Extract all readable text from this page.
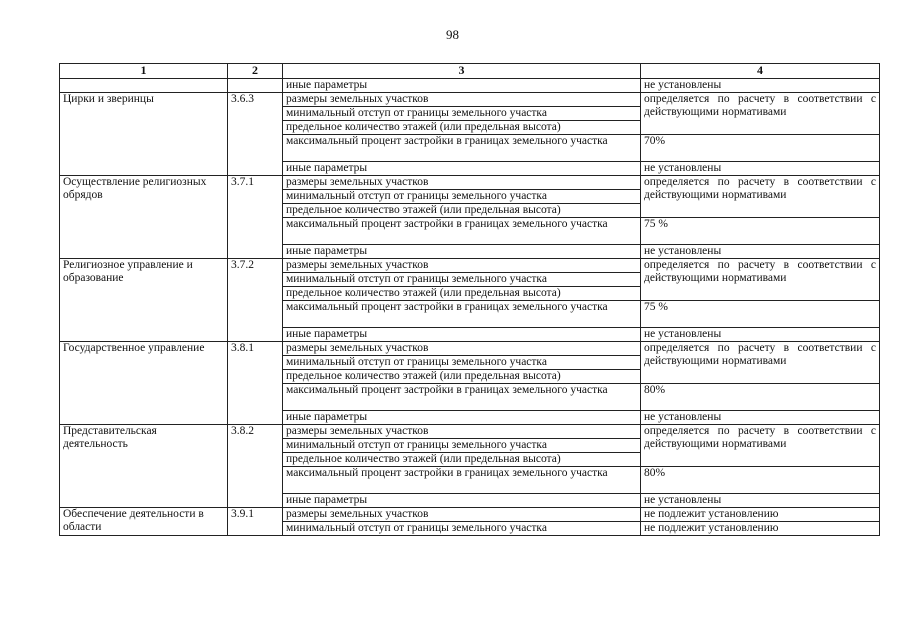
98
1	2	3	4
		иные параметры	не установлены
Цирки и зверинцы	3.6.3	размеры земельных участков	определяется по расчету в соответствии с действующими нормативами
		минимальный отступ от границы земельного участка	
		предельное количество этажей (или предельная высота)	
		максимальный процент застройки в границах земельного участка	70%
		иные параметры	не установлены
Осуществление религиозных обрядов	3.7.1	размеры земельных участков	определяется по расчету в соответствии с действующими нормативами
		минимальный отступ от границы земельного участка	
		предельное количество этажей (или предельная высота)	
		максимальный процент застройки в границах земельного участка	75 %
		иные параметры	не установлены
Религиозное управление и образование	3.7.2	размеры земельных участков	определяется по расчету в соответствии с действующими нормативами
		минимальный отступ от границы земельного участка	
		предельное количество этажей (или предельная высота)	
		максимальный процент застройки в границах земельного участка	75 %
		иные параметры	не установлены
Государственное управление	3.8.1	размеры земельных участков	определяется по расчету в соответствии с действующими нормативами
		минимальный отступ от границы земельного участка	
		предельное количество этажей (или предельная высота)	
		максимальный процент застройки в границах земельного участка	80%
		иные параметры	не установлены
Представительская деятельность	3.8.2	размеры земельных участков	определяется по расчету в соответствии с действующими нормативами
		минимальный отступ от границы земельного участка	
		предельное количество этажей (или предельная высота)	
		максимальный процент застройки в границах земельного участка	80%
		иные параметры	не установлены
Обеспечение деятельности в области	3.9.1	размеры земельных участков	не подлежит установлению
		минимальный отступ от границы земельного участка	не подлежит установлению
